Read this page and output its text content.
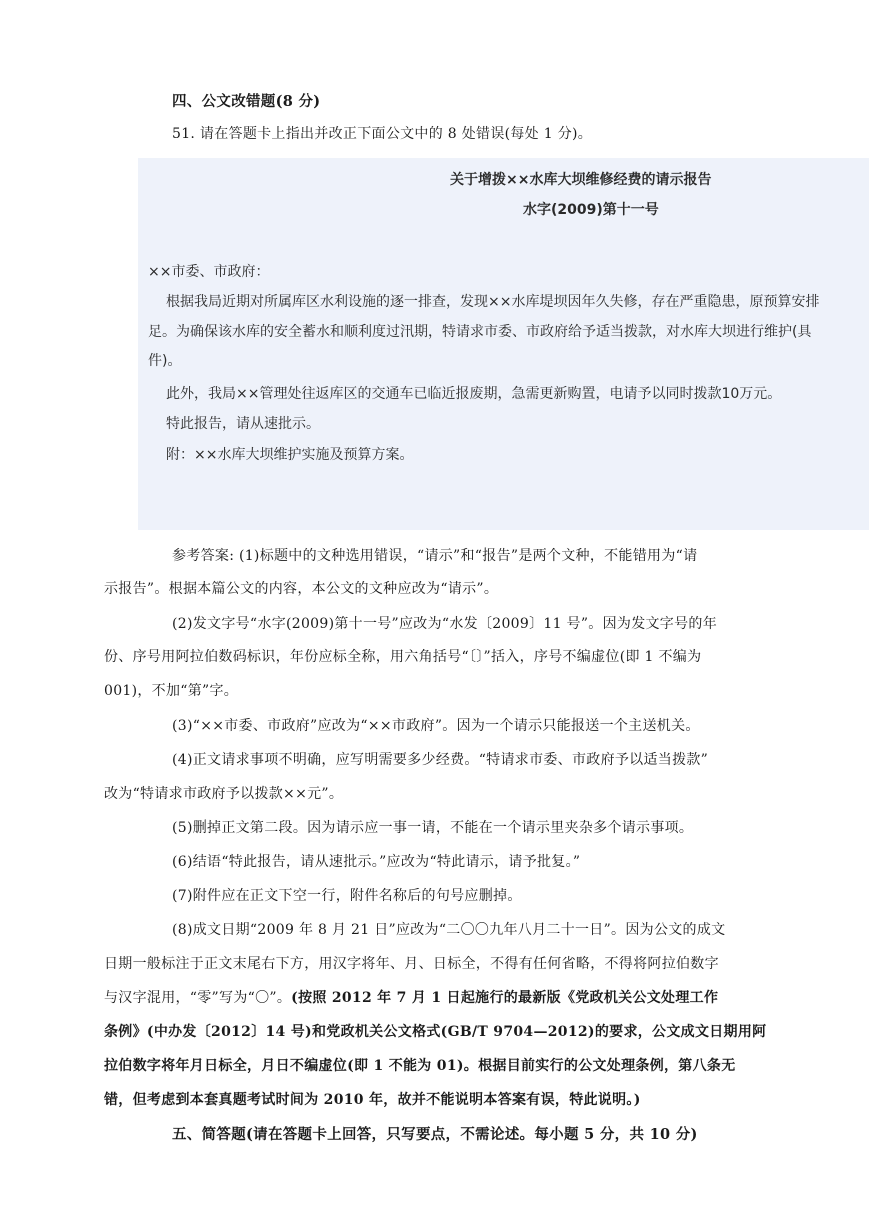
四、公文改错题(8 分)
51. 请在答题卡上指出并改正下面公文中的 8 处错误(每处 1 分)。
关于增拨××水库大坝维修经费的请示报告
水字(2009)第十一号
××市委、市政府：
根据我局近期对所属库区水利设施的逐一排查，发现××水库堤坝因年久失修，存在严重隐患，原预算安排
足。为确保该水库的安全蓄水和顺利度过汛期，特请求市委、市政府给予适当拨款，对水库大坝进行维护(具
件)。
此外，我局××管理处往返库区的交通车已临近报废期，急需更新购置，电请予以同时拨款10万元。
特此报告，请从速批示。
附：××水库大坝维护实施及预算方案。
参考答案: (1)标题中的文种选用错误，“请示”和“报告”是两个文种，不能错用为“请
示报告”。根据本篇公文的内容，本公文的文种应改为“请示”。
(2)发文字号“水字(2009)第十一号”应改为“水发〔2009〕11 号”。因为发文字号的年
份、序号用阿拉伯数码标识，年份应标全称，用六角括号“〔〕”括入，序号不编虚位(即 1 不编为
001)，不加“第”字。
(3)“××市委、市政府”应改为“××市政府”。因为一个请示只能报送一个主送机关。
(4)正文请求事项不明确，应写明需要多少经费。“特请求市委、市政府予以适当拨款”
改为“特请求市政府予以拨款××元”。
(5)删掉正文第二段。因为请示应一事一请，不能在一个请示里夹杂多个请示事项。
(6)结语“特此报告，请从速批示。”应改为“特此请示，请予批复。”
(7)附件应在正文下空一行，附件名称后的句号应删掉。
(8)成文日期“2009 年 8 月 21 日”应改为“二〇〇九年八月二十一日”。因为公文的成文
日期一般标注于正文末尾右下方，用汉字将年、月、日标全，不得有任何省略，不得将阿拉伯数字
与汉字混用，“零”写为“〇”。(按照 2012 年 7 月 1 日起施行的最新版《党政机关公文处理工作
条例》(中办发〔2012〕14 号)和党政机关公文格式(GB/T 9704—2012)的要求，公文成文日期用阿
拉伯数字将年月日标全，月日不编虚位(即 1 不能为 01)。根据目前实行的公文处理条例，第八条无
错，但考虑到本套真题考试时间为 2010 年，故并不能说明本答案有误，特此说明。)
五、简答题(请在答题卡上回答，只写要点，不需论述。每小题 5 分，共 10 分)
